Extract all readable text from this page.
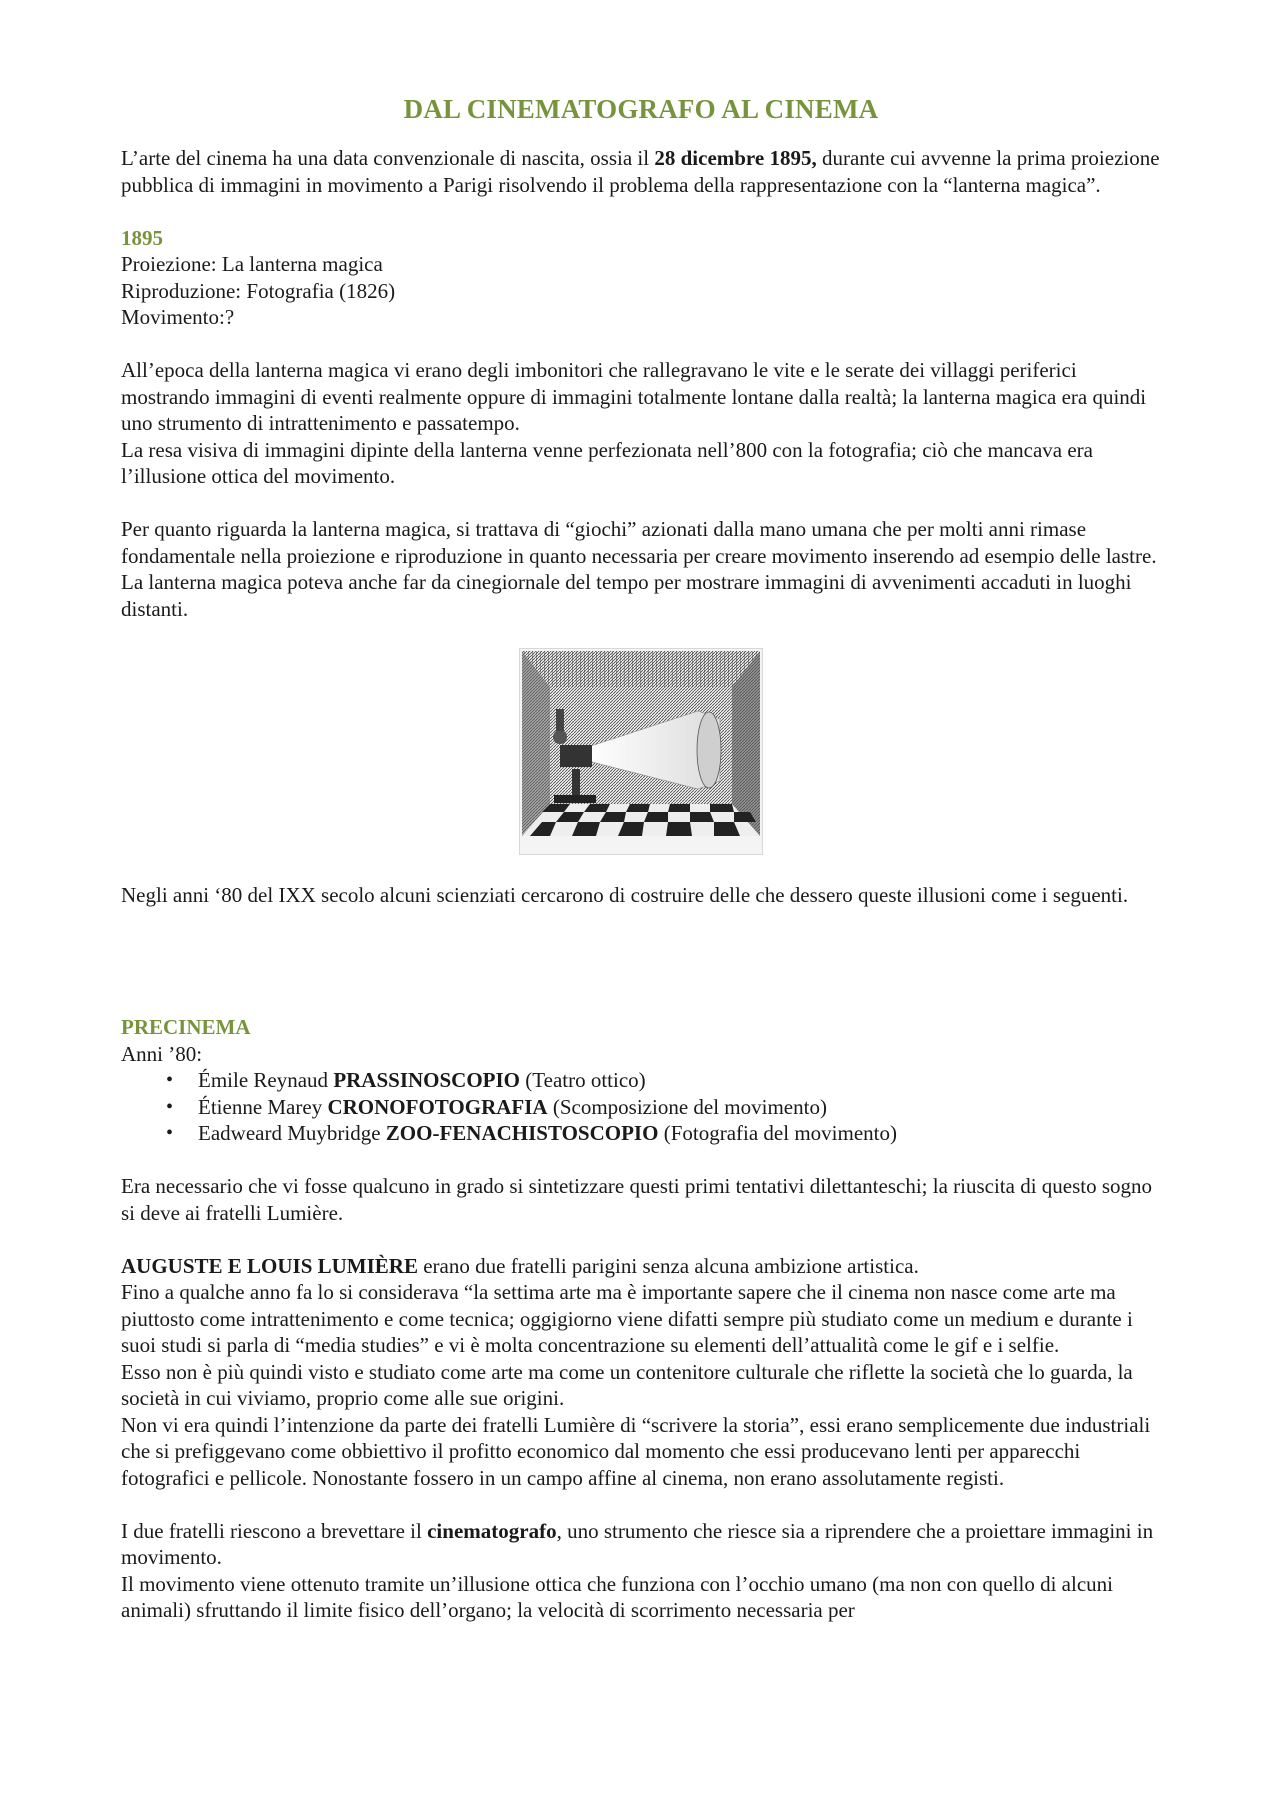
DAL CINEMATOGRAFO AL CINEMA

L’arte del cinema ha una data convenzionale di nascita, ossia il 28 dicembre 1895, durante cui avvenne la prima proiezione pubblica di immagini in movimento a Parigi risolvendo il problema della rappresentazione con la “lanterna magica”.

1895

Proiezione: La lanterna magica

Riproduzione: Fotografia (1826)

Movimento:?

All’epoca della lanterna magica vi erano degli imbonitori che rallegravano le vite e le serate dei villaggi periferici mostrando immagini di eventi realmente oppure di immagini totalmente lontane dalla realtà; la lanterna magica era quindi uno strumento di intrattenimento e passatempo.

La resa visiva di immagini dipinte della lanterna venne perfezionata nell’800 con la fotografia; ciò che mancava era l’illusione ottica del movimento.

Per quanto riguarda la lanterna magica, si trattava di “giochi” azionati dalla mano umana che per molti anni rimase fondamentale nella proiezione e riproduzione in quanto necessaria per creare movimento inserendo ad esempio delle lastre.

La lanterna magica poteva anche far da cinegiornale del tempo per mostrare immagini di avvenimenti accaduti in luoghi distanti.

Negli anni ‘80 del IXX secolo alcuni scienziati cercarono di costruire delle che dessero queste illusioni come i seguenti.

PRECINEMA

Anni ’80:

• Émile Reynaud PRASSINOSCOPIO (Teatro ottico)
• Étienne Marey CRONOFOTOGRAFIA (Scomposizione del movimento)
• Eadweard Muybridge ZOO-FENACHISTOSCOPIO (Fotografia del movimento)

Era necessario che vi fosse qualcuno in grado si sintetizzare questi primi tentativi dilettanteschi; la riuscita di questo sogno si deve ai fratelli Lumière.

AUGUSTE E LOUIS LUMIÈRE erano due fratelli parigini senza alcuna ambizione artistica.

Fino a qualche anno fa lo si considerava “la settima arte ma è importante sapere che il cinema non nasce come arte ma piuttosto come intrattenimento e come tecnica; oggigiorno viene difatti sempre più studiato come un medium e durante i suoi studi si parla di “media studies” e vi è molta concentrazione su elementi dell’attualità come le gif e i selfie.

Esso non è più quindi visto e studiato come arte ma come un contenitore culturale che riflette la società che lo guarda, la società in cui viviamo, proprio come alle sue origini.

Non vi era quindi l’intenzione da parte dei fratelli Lumière di “scrivere la storia”, essi erano semplicemente due industriali che si prefiggevano come obbiettivo il profitto economico dal momento che essi producevano lenti per apparecchi fotografici e pellicole. Nonostante fossero in un campo affine al cinema, non erano assolutamente registi.

I due fratelli riescono a brevettare il cinematografo, uno strumento che riesce sia a riprendere che a proiettare immagini in movimento.

Il movimento viene ottenuto tramite un’illusione ottica che funziona con l’occhio umano (ma non con quello di alcuni animali) sfruttando il limite fisico dell’organo; la velocità di scorrimento necessaria per
